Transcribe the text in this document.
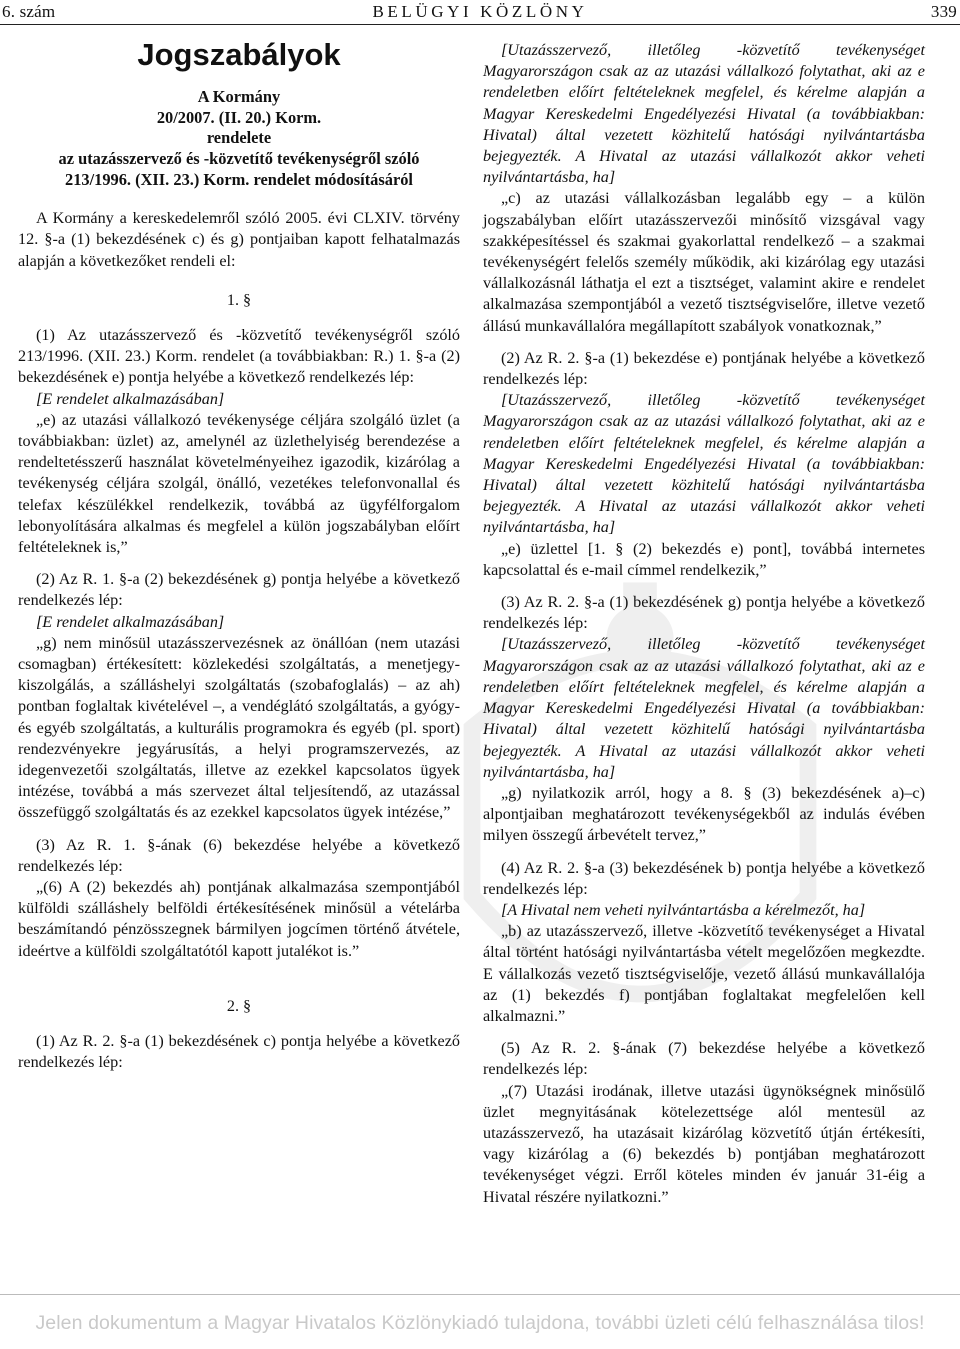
6. szám	BELÜGYI KÖZLÖNY	339
Jogszabályok
A Kormány
20/2007. (II. 20.) Korm.
rendelete
az utazásszervező és -közvetítő tevékenységről szóló
213/1996. (XII. 23.) Korm. rendelet módosításáról

A Kormány a kereskedelemről szóló 2005. évi CLXIV. törvény 12. §-a (1) bekezdésének c) és g) pontjaiban kapott felhatalmazás alapján a következőket rendeli el:

1. §

(1) Az utazásszervező és -közvetítő tevékenységről szóló 213/1996. (XII. 23.) Korm. rendelet (a továbbiakban: R.) 1. §-a (2) bekezdésének e) pontja helyébe a következő rendelkezés lép:

[E rendelet alkalmazásában]

„e) az utazási vállalkozó tevékenysége céljára szolgáló üzlet (a továbbiakban: üzlet) az, amelynél az üzlethelyiség berendezése a rendeltetésszerű használat követelményeihez igazodik, kizárólag a tevékenység céljára szolgál, önálló, vezetékes telefonvonallal és telefax készülékkel rendelkezik, továbbá az ügyfélforgalom lebonyolítására alkalmas és megfelel a külön jogszabályban előírt feltételeknek is,”

(2) Az R. 1. §-a (2) bekezdésének g) pontja helyébe a következő rendelkezés lép:

[E rendelet alkalmazásában]

„g) nem minősül utazásszervezésnek az önállóan (nem utazási csomagban) értékesített: közlekedési szolgáltatás, a menetjegy-kiszolgálás, a szálláshelyi szolgáltatás (szobafoglalás) – az ah) pontban foglaltak kivételével –, a vendéglátó szolgáltatás, a gyógy- és egyéb szolgáltatás, a kulturális programokra és egyéb (pl. sport) rendezvényekre jegyárusítás, a helyi programszervezés, az idegenvezetői szolgáltatás, illetve az ezekkel kapcsolatos ügyek intézése, továbbá a más szervezet által teljesítendő, az utazással összefüggő szolgáltatás és az ezekkel kapcsolatos ügyek intézése,”

(3) Az R. 1. §-ának (6) bekezdése helyébe a következő rendelkezés lép:

„(6) A (2) bekezdés ah) pontjának alkalmazása szempontjából külföldi szálláshely belföldi értékesítésének minősül a vételárba beszámítandó pénzösszegnek bármilyen jogcímen történő átvétele, ideértve a külföldi szolgáltatótól kapott jutalékot is.”

2. §

(1) Az R. 2. §-a (1) bekezdésének c) pontja helyébe a következő rendelkezés lép:

[Utazásszervező, illetőleg -közvetítő tevékenységet Magyarországon csak az az utazási vállalkozó folytathat, aki az e rendeletben előírt feltételeknek megfelel, és kérelme alapján a Magyar Kereskedelmi Engedélyezési Hivatal (a továbbiakban: Hivatal) által vezetett közhitelű hatósági nyilvántartásba bejegyezték. A Hivatal az utazási vállalkozót akkor veheti nyilvántartásba, ha]

„c) az utazási vállalkozásban legalább egy – a külön jogszabályban előírt utazásszervezői minősítő vizsgával vagy szakképesítéssel és szakmai gyakorlattal rendelkező – a szakmai tevékenységért felelős személy működik, aki kizárólag egy utazási vállalkozásnál láthatja el ezt a tisztséget, valamint akire e rendelet alkalmazása szempontjából a vezető tisztségviselőre, illetve vezető állású munkavállalóra megállapított szabályok vonatkoznak,”

(2) Az R. 2. §-a (1) bekezdése e) pontjának helyébe a következő rendelkezés lép:

[Utazásszervező, illetőleg -közvetítő tevékenységet Magyarországon csak az az utazási vállalkozó folytathat, aki az e rendeletben előírt feltételeknek megfelel, és kérelme alapján a Magyar Kereskedelmi Engedélyezési Hivatal (a továbbiakban: Hivatal) által vezetett közhitelű hatósági nyilvántartásba bejegyezték. A Hivatal az utazási vállalkozót akkor veheti nyilvántartásba, ha]

„e) üzlettel [1. § (2) bekezdés e) pont], továbbá internetes kapcsolattal és e-mail címmel rendelkezik,”

(3) Az R. 2. §-a (1) bekezdésének g) pontja helyébe a következő rendelkezés lép:

[Utazásszervező, illetőleg -közvetítő tevékenységet Magyarországon csak az az utazási vállalkozó folytathat, aki az e rendeletben előírt feltételeknek megfelel, és kérelme alapján a Magyar Kereskedelmi Engedélyezési Hivatal (a továbbiakban: Hivatal) által vezetett közhitelű hatósági nyilvántartásba bejegyezték. A Hivatal az utazási vállalkozót akkor veheti nyilvántartásba, ha]

„g) nyilatkozik arról, hogy a 8. § (3) bekezdésének a)–c) alpontjaiban meghatározott tevékenységekből az indulás évében milyen összegű árbevételt tervez,”

(4) Az R. 2. §-a (3) bekezdésének b) pontja helyébe a következő rendelkezés lép:

[A Hivatal nem veheti nyilvántartásba a kérelmezőt, ha]

„b) az utazásszervező, illetve -közvetítő tevékenységet a Hivatal által történt hatósági nyilvántartásba vételt megelőzően megkezdte. E vállalkozás vezető tisztségviselője, vezető állású munkavállalója az (1) bekezdés f) pontjában foglaltakat megfelelően kell alkalmazni.”

(5) Az R. 2. §-ának (7) bekezdése helyébe a következő rendelkezés lép:

„(7) Utazási irodának, illetve utazási ügynökségnek minősülő üzlet megnyitásának kötelezettsége alól mentesül az utazásszervező, ha utazásait kizárólag közvetítő útján értékesíti, vagy kizárólag a (6) bekezdés b) pontjában meghatározott tevékenységet végzi. Erről köteles minden év január 31-éig a Hivatal részére nyilatkozni.”

Jelen dokumentum a Magyar Hivatalos Közlönykiadó tulajdona, további üzleti célú felhasználása tilos!
